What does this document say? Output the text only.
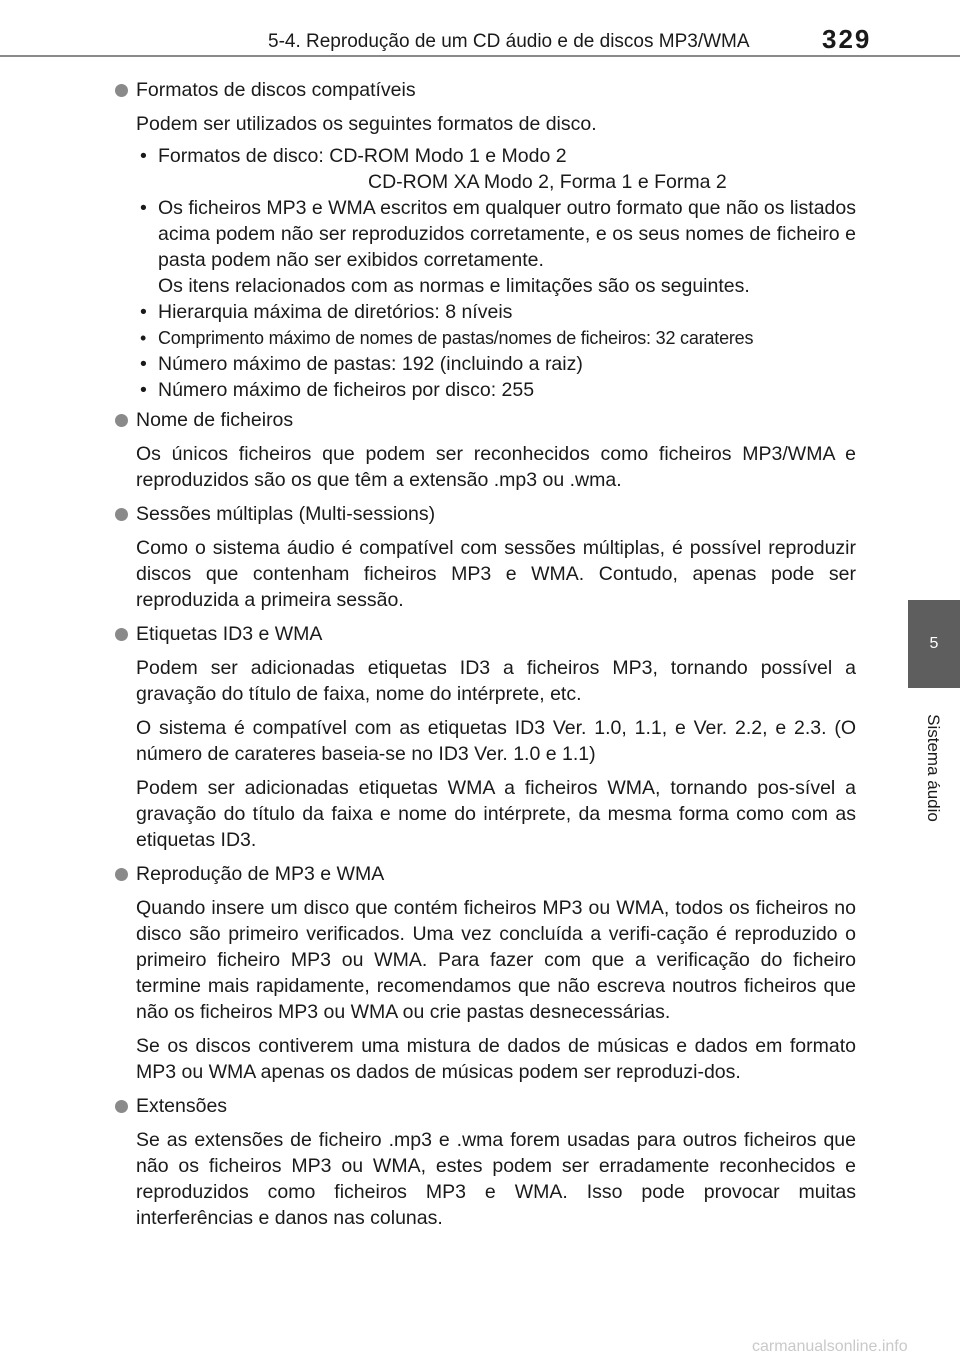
5-4. Reprodução de um CD áudio e de discos MP3/WMA	329
5
Sistema áudio
Formatos de discos compatíveis
Podem ser utilizados os seguintes formatos de disco.
• Formatos de disco: CD-ROM Modo 1 e Modo 2
CD-ROM XA Modo 2, Forma 1 e Forma 2
• Os ficheiros MP3 e WMA escritos em qualquer outro formato que não os listados acima podem não ser reproduzidos corretamente, e os seus nomes de ficheiro e pasta podem não ser exibidos corretamente.
Os itens relacionados com as normas e limitações são os seguintes.
• Hierarquia máxima de diretórios: 8 níveis
• Comprimento máximo de nomes de pastas/nomes de ficheiros: 32 carateres
• Número máximo de pastas: 192 (incluindo a raiz)
• Número máximo de ficheiros por disco: 255
Nome de ficheiros
Os únicos ficheiros que podem ser reconhecidos como ficheiros MP3/WMA e reproduzidos são os que têm a extensão .mp3 ou .wma.
Sessões múltiplas (Multi-sessions)
Como o sistema áudio é compatível com sessões múltiplas, é possível reproduzir discos que contenham ficheiros MP3 e WMA. Contudo, apenas pode ser reproduzida a primeira sessão.
Etiquetas ID3 e WMA
Podem ser adicionadas etiquetas ID3 a ficheiros MP3, tornando possível a gravação do título de faixa, nome do intérprete, etc.
O sistema é compatível com as etiquetas ID3 Ver. 1.0, 1.1, e Ver. 2.2, e 2.3. (O número de carateres baseia-se no ID3 Ver. 1.0 e 1.1)
Podem ser adicionadas etiquetas WMA a ficheiros WMA, tornando pos-sível a gravação do título da faixa e nome do intérprete, da mesma forma como com as etiquetas ID3.
Reprodução de MP3 e WMA
Quando insere um disco que contém ficheiros MP3 ou WMA, todos os ficheiros no disco são primeiro verificados. Uma vez concluída a verifi-cação é reproduzido o primeiro ficheiro MP3 ou WMA. Para fazer com que a verificação do ficheiro termine mais rapidamente, recomendamos que não escreva noutros ficheiros que não os ficheiros MP3 ou WMA ou crie pastas desnecessárias.
Se os discos contiverem uma mistura de dados de músicas e dados em formato MP3 ou WMA apenas os dados de músicas podem ser reproduzi-dos.
Extensões
Se as extensões de ficheiro .mp3 e .wma forem usadas para outros ficheiros que não os ficheiros MP3 ou WMA, estes podem ser erradamente reconhecidos e reproduzidos como ficheiros MP3 e WMA. Isso pode provocar muitas interferências e danos nas colunas.
carmanualsonline.info
